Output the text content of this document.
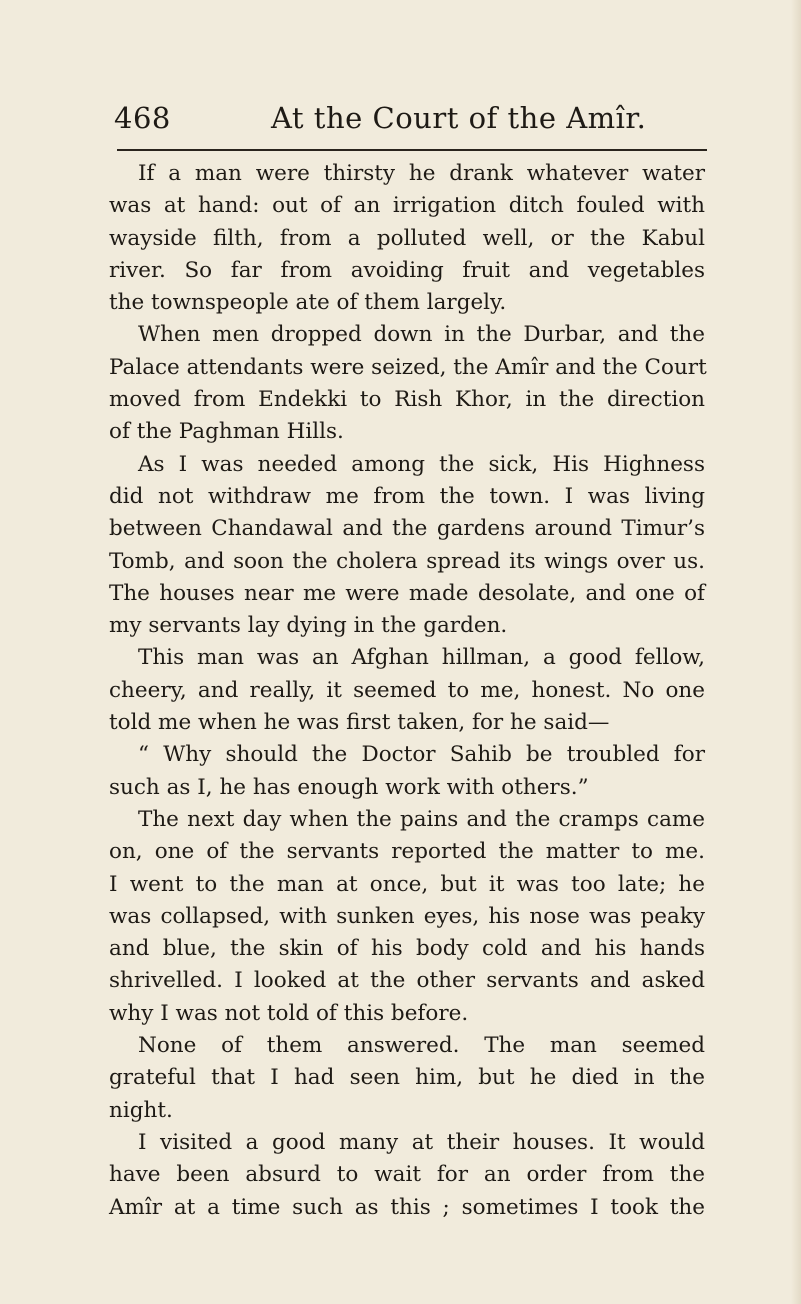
468	At the Court of the Amîr.
If a man were thirsty he drank whatever water
was at hand: out of an irrigation ditch fouled with
wayside filth, from a polluted well, or the Kabul
river. So far from avoiding fruit and vegetables
the townspeople ate of them largely.
When men dropped down in the Durbar, and the
Palace attendants were seized, the Amîr and the Court
moved from Endekki to Rish Khor, in the direction
of the Paghman Hills.
As I was needed among the sick, His Highness
did not withdraw me from the town. I was living
between Chandawal and the gardens around Timur’s
Tomb, and soon the cholera spread its wings over us.
The houses near me were made desolate, and one of
my servants lay dying in the garden.
This man was an Afghan hillman, a good fellow,
cheery, and really, it seemed to me, honest. No one
told me when he was first taken, for he said—
“ Why should the Doctor Sahib be troubled for
such as I, he has enough work with others.”
The next day when the pains and the cramps came
on, one of the servants reported the matter to me.
I went to the man at once, but it was too late; he
was collapsed, with sunken eyes, his nose was peaky
and blue, the skin of his body cold and his hands
shrivelled. I looked at the other servants and asked
why I was not told of this before.
None of them answered. The man seemed
grateful that I had seen him, but he died in the
night.
I visited a good many at their houses. It would
have been absurd to wait for an order from the
Amîr at a time such as this ; sometimes I took the
